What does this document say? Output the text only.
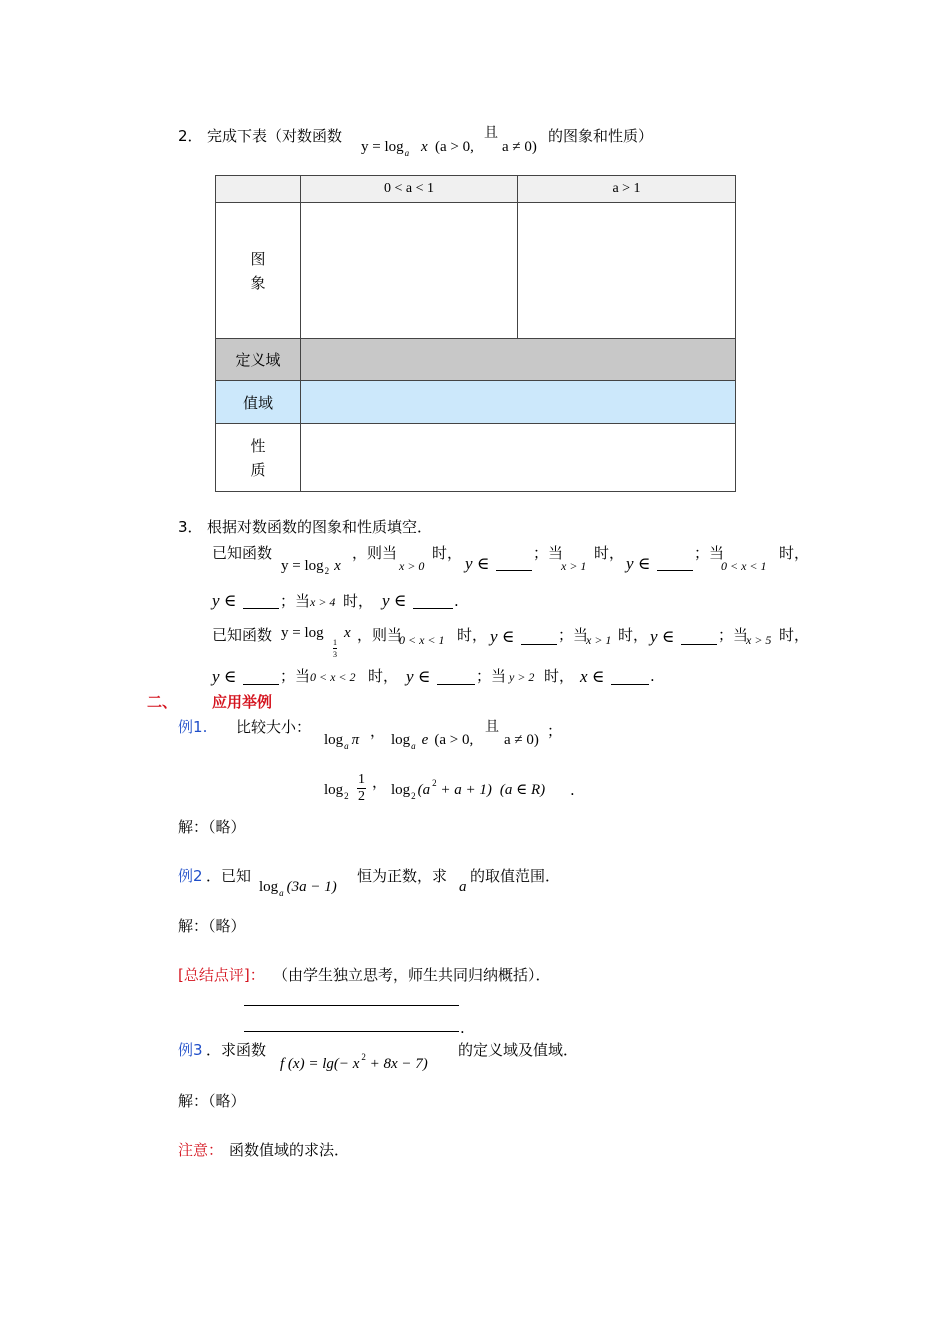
2． 完成下表（对数函数
$y = \log_a x$ (a > 0,
且
a ≠ 0)
的图象和性质）
0 < a < 1	a > 1
图
象
定义域
值域
性
质
3． 根据对数函数的图象和性质填空．
已知函数
$y = \log_2 x$
，则当
x > 0
时，
y ∈
；当
x > 1
时，
y ∈
；当
0 < x < 1
时，
y ∈	；当 x > 4 时， y ∈	.
已知函数 y = log
$\frac{1}{3}$
x ，则当
0 < x < 1 时， y ∈	；当
x > 1 时， y ∈	；当
x > 5 时，
y ∈	；当 0 < x < 2 时， y ∈	；当 y > 2 时， x ∈	.
二、 应用举例
例1. 比较大小：
$\log_a \pi$ ， $\log_a e$ (a > 0,
且
a ≠ 0) ；
$\log_2 \frac{1}{2}$ ， $\log_2 (a$ $^2$ + a + 1) (a ∈ R) .
解：（略）
例2 ．已知
$\log_a (3a - 1)$
恒为正数，求
a
的取值范围．
解：（略）
[总结点评]： （由学生独立思考，师生共同归纳概括）．
.
例3 ．求函数
f (x) = lg(− x $^2$ + 8x − 7)
的定义域及值域．
解：（略）
注意： 函数值域的求法．
